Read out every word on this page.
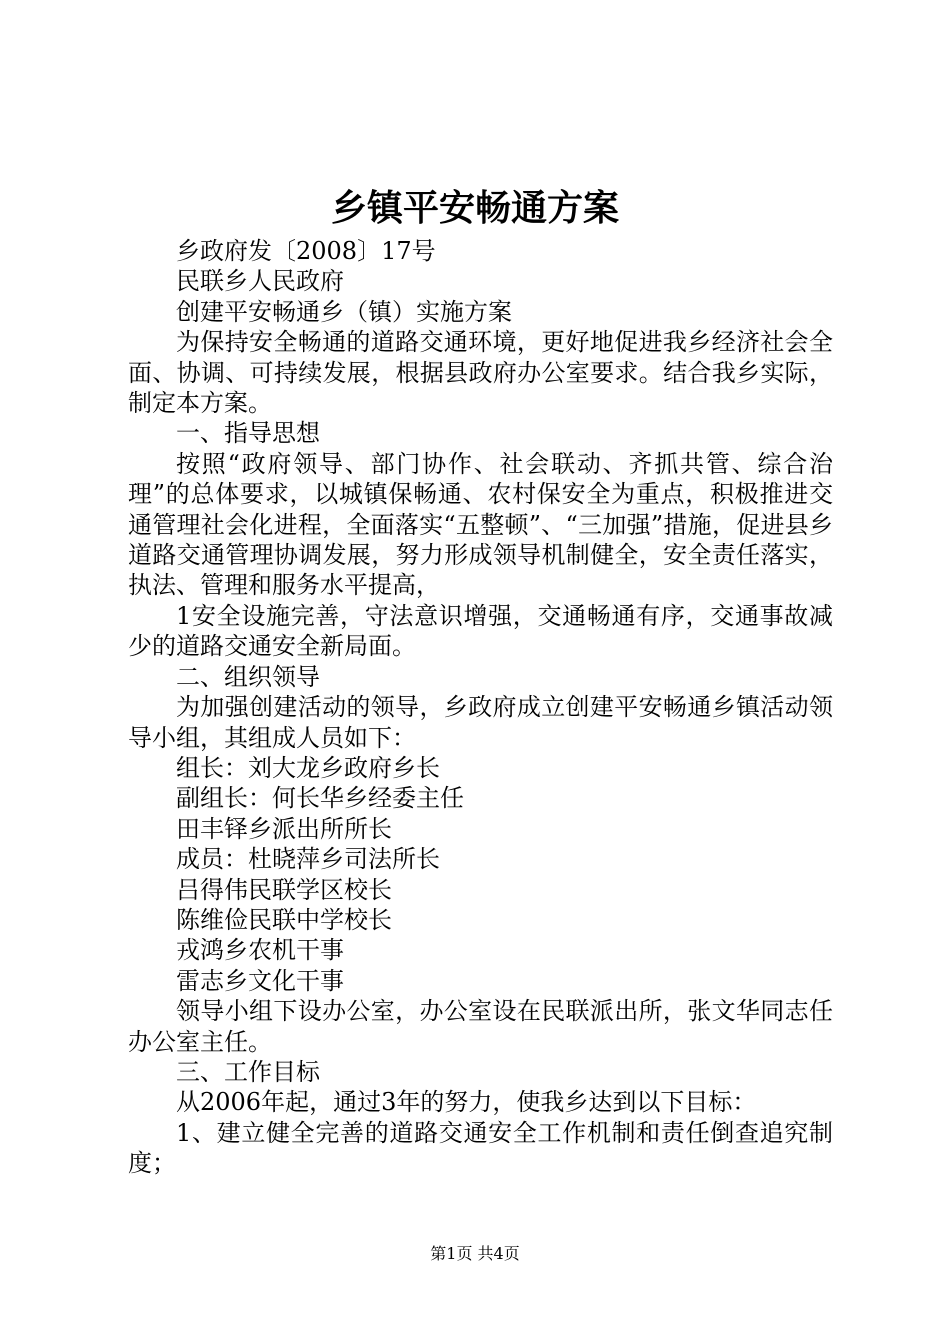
乡镇平安畅通方案

乡政府发〔2008〕17号

民联乡人民政府

创建平安畅通乡（镇）实施方案

为保持安全畅通的道路交通环境，更好地促进我乡经济社会全面、协调、可持续发展，根据县政府办公室要求。结合我乡实际，制定本方案。

一、指导思想

按照“政府领导、部门协作、社会联动、齐抓共管、综合治理”的总体要求，以城镇保畅通、农村保安全为重点，积极推进交通管理社会化进程，全面落实“五整顿”、“三加强”措施，促进县乡道路交通管理协调发展，努力形成领导机制健全，安全责任落实，执法、管理和服务水平提高，

1安全设施完善，守法意识增强，交通畅通有序，交通事故减少的道路交通安全新局面。

二、组织领导

为加强创建活动的领导，乡政府成立创建平安畅通乡镇活动领导小组，其组成人员如下：

组长：刘大龙乡政府乡长

副组长：何长华乡经委主任

田丰铎乡派出所所长

成员：杜晓萍乡司法所长

吕得伟民联学区校长

陈维俭民联中学校长

戎鸿乡农机干事

雷志乡文化干事

领导小组下设办公室，办公室设在民联派出所，张文华同志任办公室主任。

三、工作目标

从2006年起，通过3年的努力，使我乡达到以下目标：

1、建立健全完善的道路交通安全工作机制和责任倒查追究制度；

第1页 共4页
